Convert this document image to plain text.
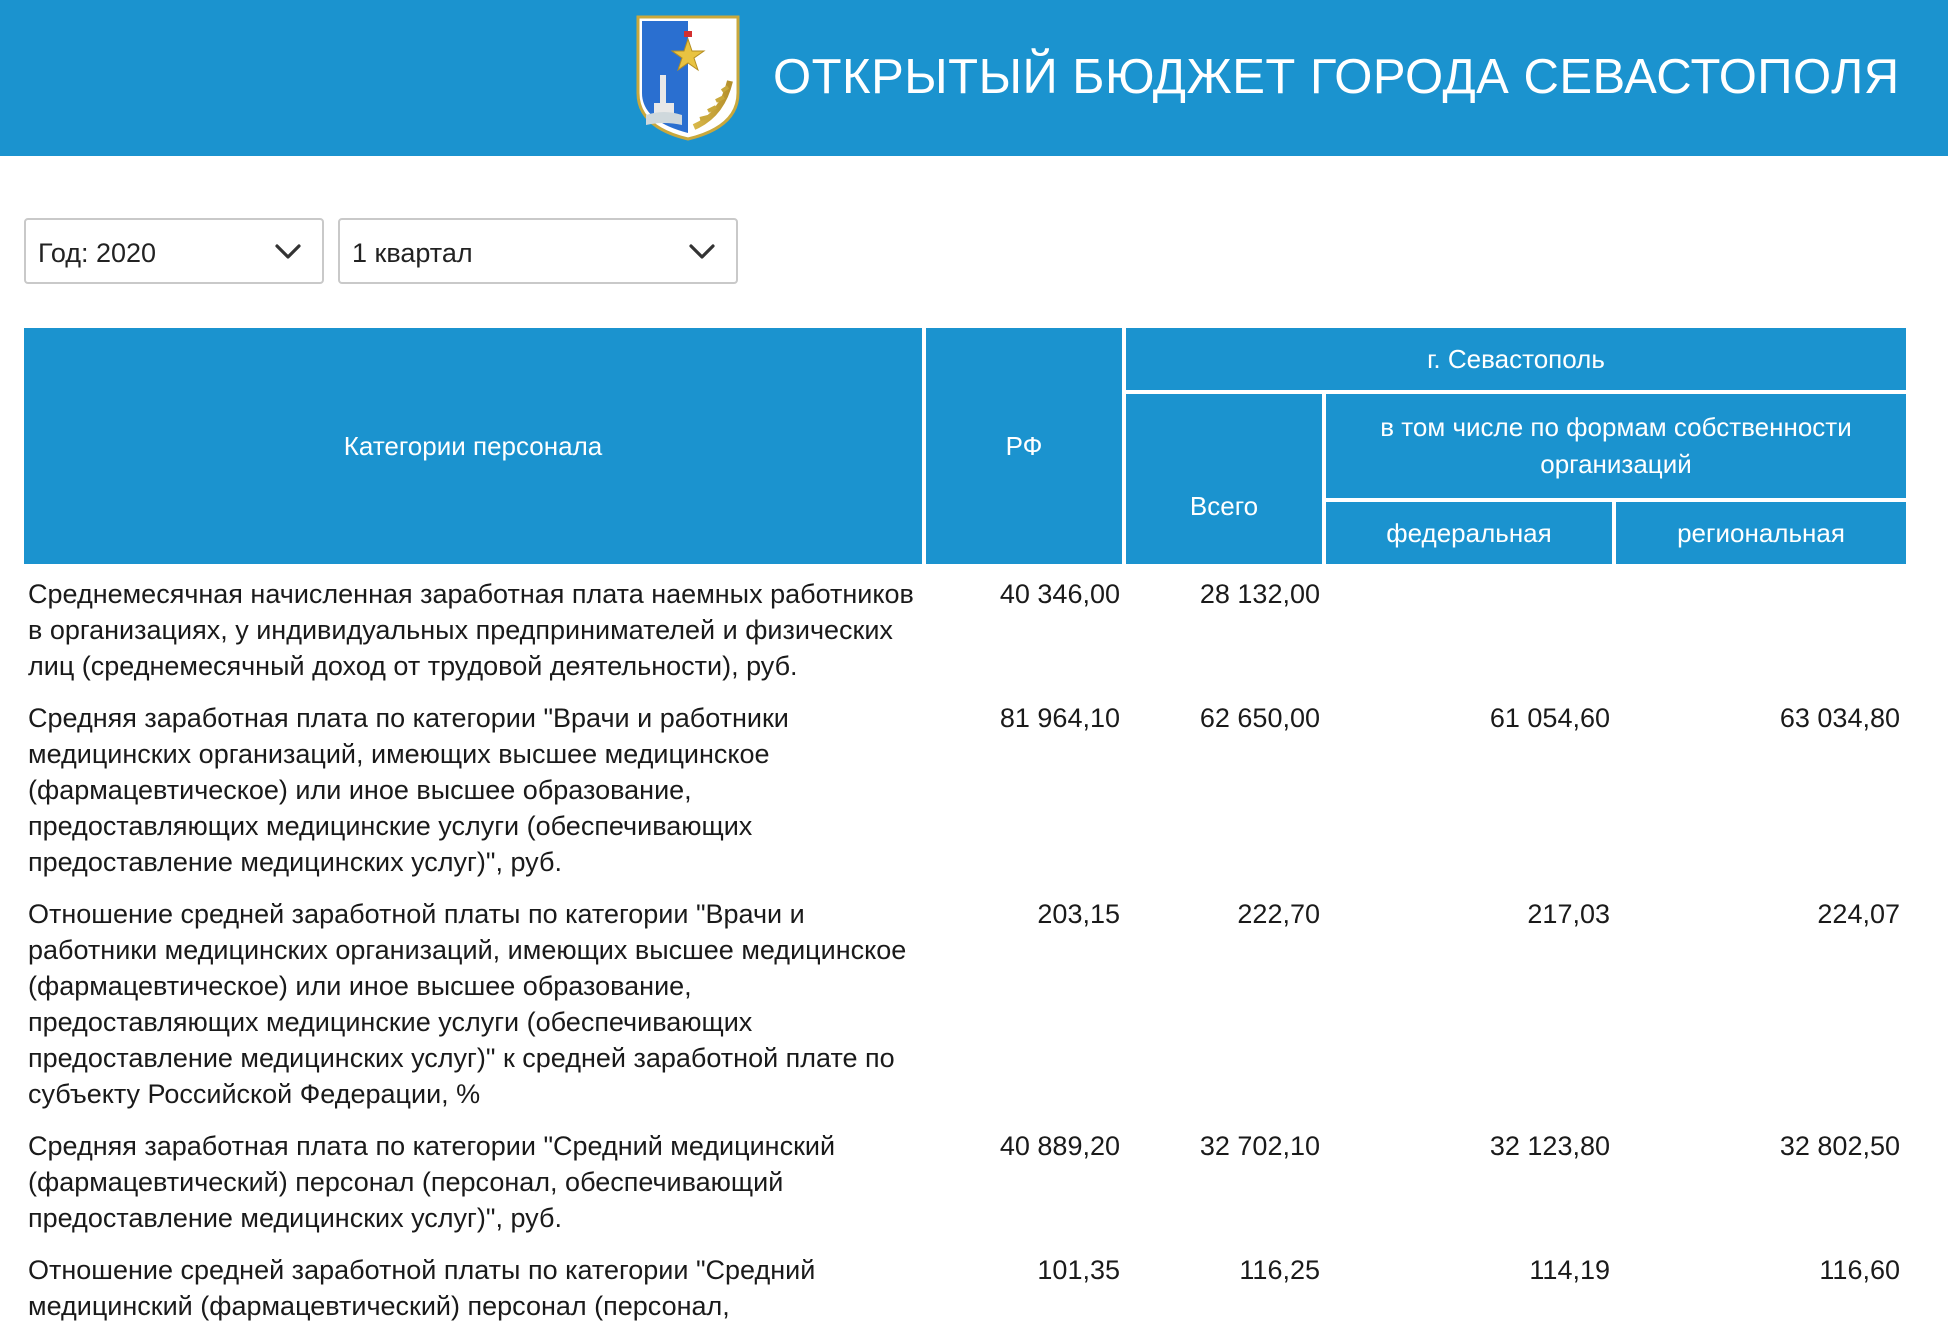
ОТКРЫТЫЙ БЮДЖЕТ ГОРОДА СЕВАСТОПОЛЯ
Год: 2020	1 квартал
Категории персонала	РФ	г. Севастополь		
		Всего	в том числе по формам собственности организаций	
			федеральная	региональная
Среднемесячная начисленная заработная плата наемных работников в организациях, у индивидуальных предпринимателей и физических лиц (среднемесячный доход от трудовой деятельности), руб.	40 346,00	28 132,00		
Средняя заработная плата по категории "Врачи и работники медицинских организаций, имеющих высшее медицинское (фармацевтическое) или иное высшее образование, предоставляющих медицинские услуги (обеспечивающих предоставление медицинских услуг)", руб.	81 964,10	62 650,00	61 054,60	63 034,80
Отношение средней заработной платы по категории "Врачи и работники медицинских организаций, имеющих высшее медицинское (фармацевтическое) или иное высшее образование, предоставляющих медицинские услуги (обеспечивающих предоставление медицинских услуг)" к средней заработной плате по субъекту Российской Федерации, %	203,15	222,70	217,03	224,07
Средняя заработная плата по категории "Средний медицинский (фармацевтический) персонал (персонал, обеспечивающий предоставление медицинских услуг)", руб.	40 889,20	32 702,10	32 123,80	32 802,50
Отношение средней заработной платы по категории "Средний медицинский (фармацевтический) персонал (персонал,	101,35	116,25	114,19	116,60
